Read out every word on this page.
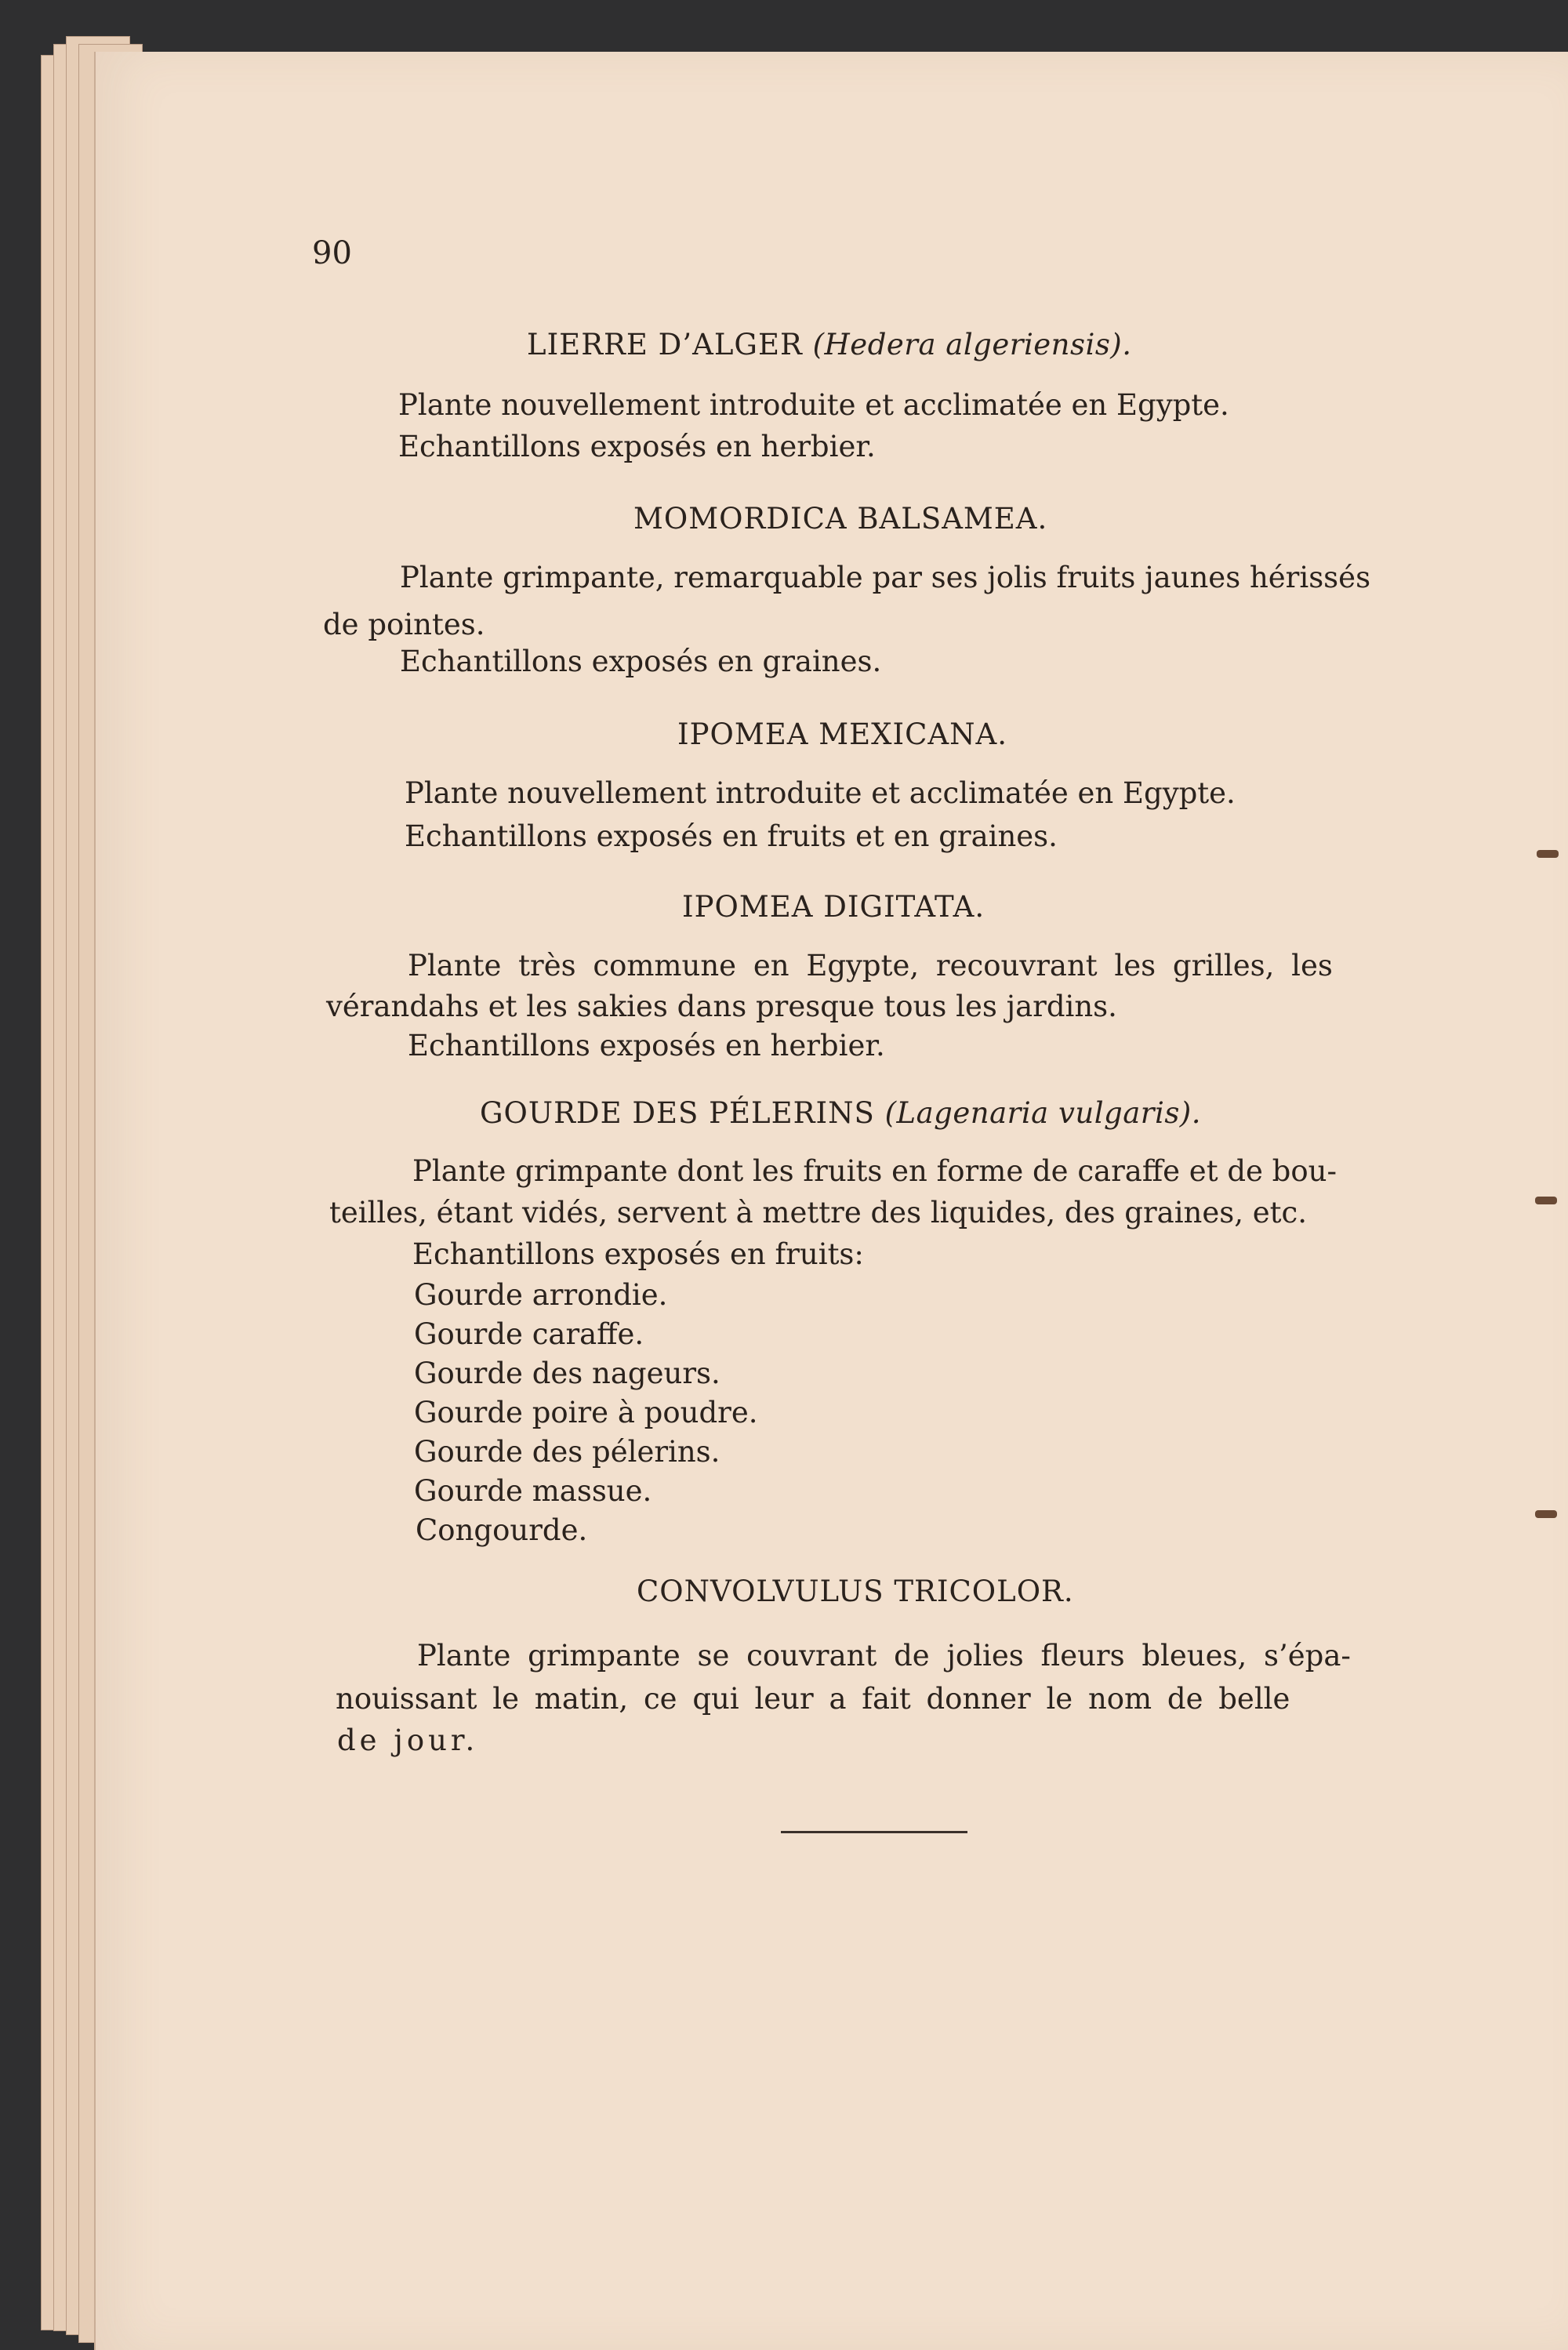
90
LIERRE D’ALGER (Hedera algeriensis).
Plante nouvellement introduite et acclimatée en Egypte.
Echantillons exposés en herbier.
MOMORDICA BALSAMEA.
Plante grimpante, remarquable par ses jolis fruits jaunes hérissés
de pointes.
Echantillons exposés en graines.
IPOMEA MEXICANA.
Plante nouvellement introduite et acclimatée en Egypte.
Echantillons exposés en fruits et en graines.
IPOMEA DIGITATA.
Plante très commune en Egypte, recouvrant les grilles, les
vérandahs et les sakies dans presque tous les jardins.
Echantillons exposés en herbier.
GOURDE DES PÉLERINS (Lagenaria vulgaris).
Plante grimpante dont les fruits en forme de caraffe et de bou-
teilles, étant vidés, servent à mettre des liquides, des graines, etc.
Echantillons exposés en fruits:
Gourde arrondie.
Gourde caraffe.
Gourde des nageurs.
Gourde poire à poudre.
Gourde des pélerins.
Gourde massue.
Congourde.
CONVOLVULUS TRICOLOR.
Plante grimpante se couvrant de jolies fleurs bleues, s’épa-
nouissant le matin, ce qui leur a fait donner le nom de belle
de jour.
